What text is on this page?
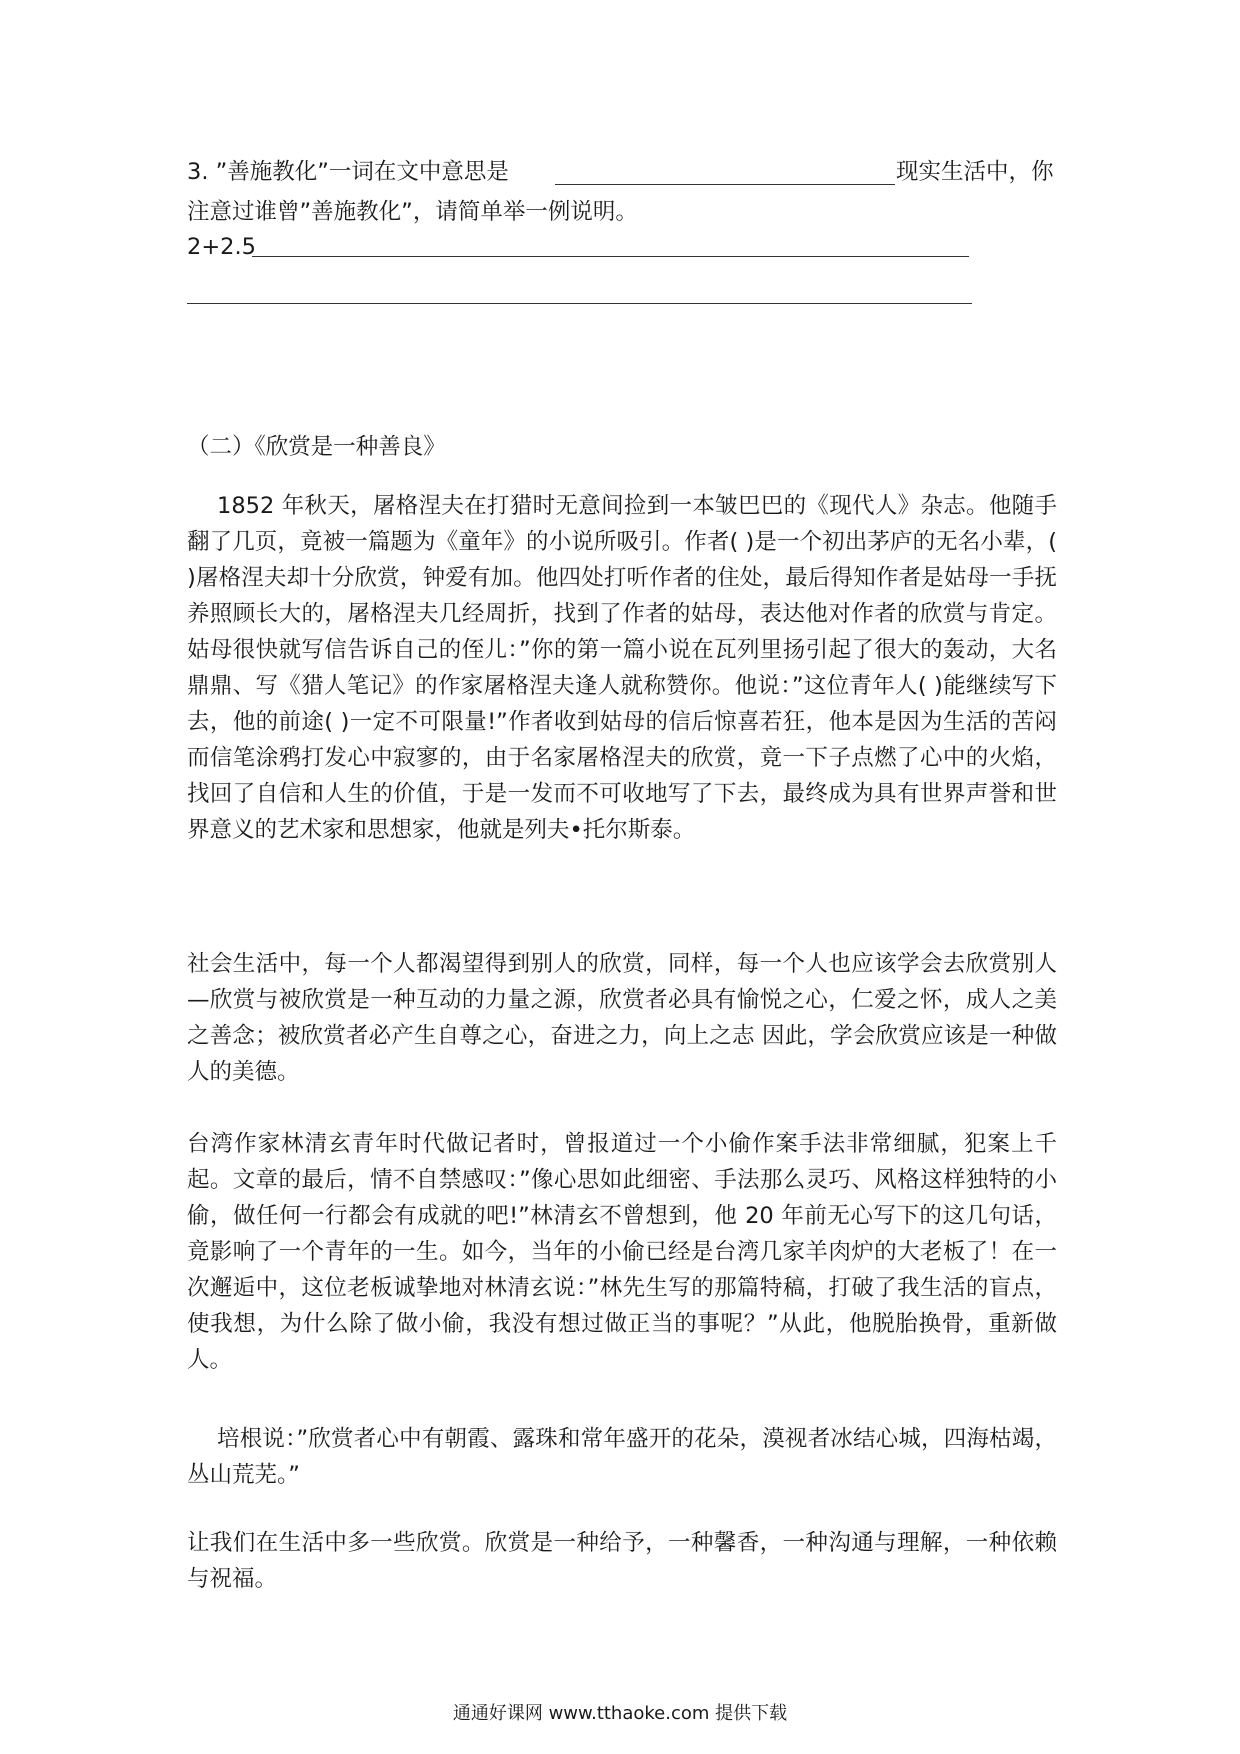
3. ”善施教化”一词在文中意思是	现实生活中，你
注意过谁曾”善施教化”，请简单举一例说明。
2+2.5
（二）《欣赏是一种善良》
1852 年秋天，屠格涅夫在打猎时无意间捡到一本皱巴巴的《现代人》杂志。他随手翻了几页，竟被一篇题为《童年》的小说所吸引。作者( )是一个初出茅庐的无名小辈，( )屠格涅夫却十分欣赏，钟爱有加。他四处打听作者的住处，最后得知作者是姑母一手抚养照顾长大的，屠格涅夫几经周折，找到了作者的姑母，表达他对作者的欣赏与肯定。姑母很快就写信告诉自己的侄儿：”你的第一篇小说在瓦列里扬引起了很大的轰动，大名鼎鼎、写《猎人笔记》的作家屠格涅夫逢人就称赞你。他说：”这位青年人( )能继续写下去，他的前途( )一定不可限量!”作者收到姑母的信后惊喜若狂，他本是因为生活的苦闷而信笔涂鸦打发心中寂寥的，由于名家屠格涅夫的欣赏，竟一下子点燃了心中的火焰，找回了自信和人生的价值，于是一发而不可收地写了下去，最终成为具有世界声誉和世界意义的艺术家和思想家，他就是列夫•托尔斯泰。
社会生活中，每一个人都渴望得到别人的欣赏，同样，每一个人也应该学会去欣赏别人—欣赏与被欣赏是一种互动的力量之源，欣赏者必具有愉悦之心，仁爱之怀，成人之美之善念；被欣赏者必产生自尊之心，奋进之力，向上之志 因此，学会欣赏应该是一种做人的美德。
台湾作家林清玄青年时代做记者时，曾报道过一个小偷作案手法非常细腻，犯案上千起。文章的最后，情不自禁感叹：”像心思如此细密、手法那么灵巧、风格这样独特的小偷，做任何一行都会有成就的吧!”林清玄不曾想到，他 20 年前无心写下的这几句话，竟影响了一个青年的一生。如今，当年的小偷已经是台湾几家羊肉炉的大老板了！在一次邂逅中，这位老板诚挚地对林清玄说：”林先生写的那篇特稿，打破了我生活的盲点，使我想，为什么除了做小偷，我没有想过做正当的事呢？”从此，他脱胎换骨，重新做人。
培根说：”欣赏者心中有朝霞、露珠和常年盛开的花朵，漠视者冰结心城，四海枯竭，丛山荒芜。”
让我们在生活中多一些欣赏。欣赏是一种给予，一种馨香，一种沟通与理解，一种依赖与祝福。
通通好课网 www.tthaoke.com 提供下载
